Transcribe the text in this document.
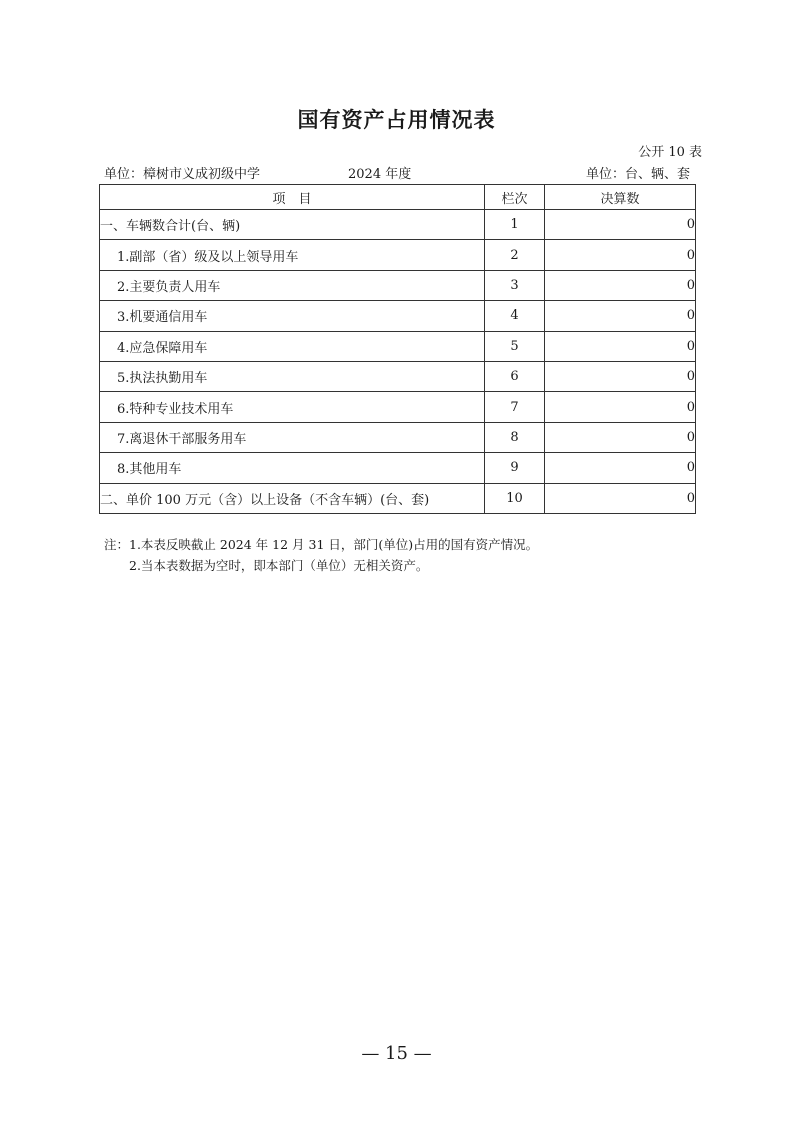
国有资产占用情况表
公开 10 表
单位：樟树市义成初级中学	2024 年度	单位：台、辆、套
项　目	栏次	决算数
一、车辆数合计(台、辆)	1	0
1.副部（省）级及以上领导用车	2	0
2.主要负责人用车	3	0
3.机要通信用车	4	0
4.应急保障用车	5	0
5.执法执勤用车	6	0
6.特种专业技术用车	7	0
7.离退休干部服务用车	8	0
8.其他用车	9	0
二、单价 100 万元（含）以上设备（不含车辆）(台、套)	10	0
注：1.本表反映截止 2024 年 12 月 31 日，部门(单位)占用的国有资产情况。
2.当本表数据为空时，即本部门（单位）无相关资产。
— 15 —
